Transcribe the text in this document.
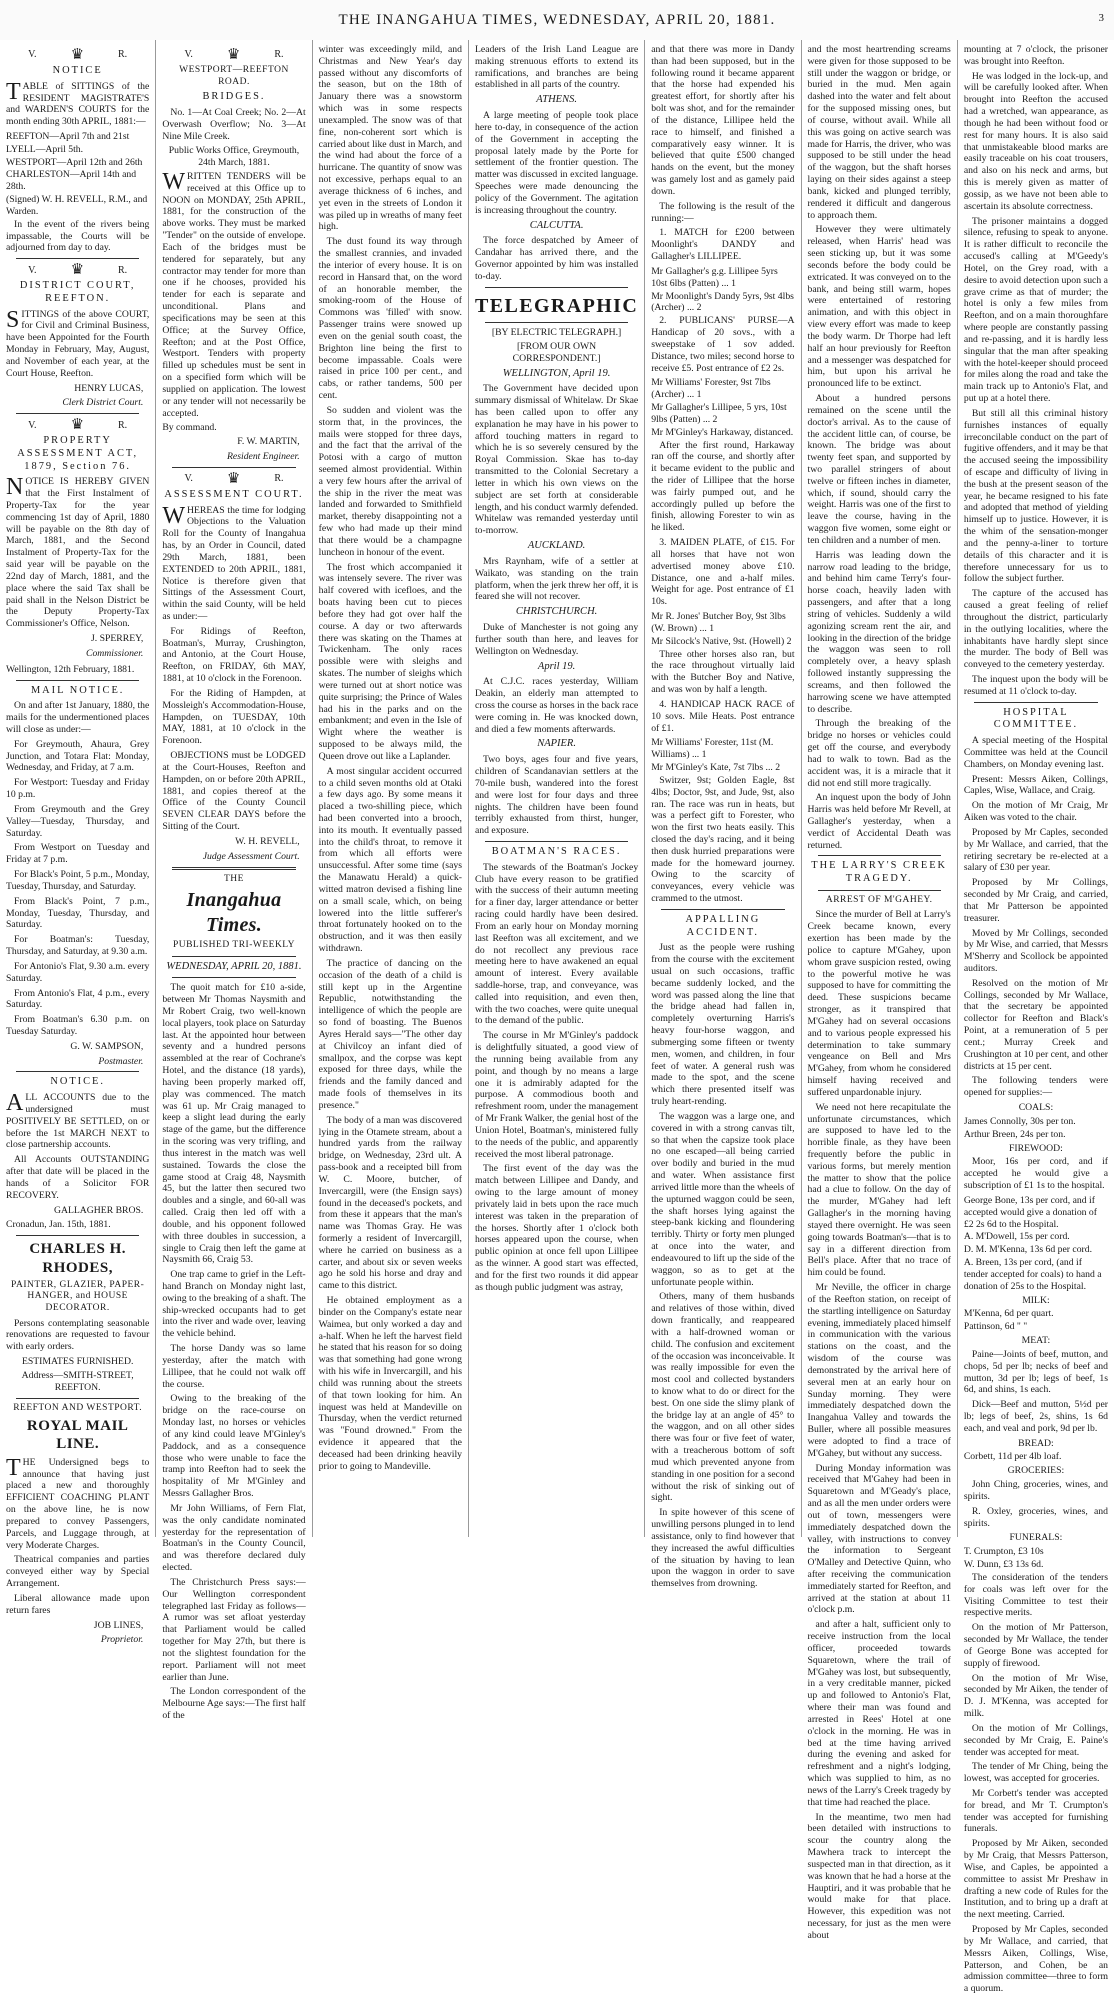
THE INANGAHUA TIMES, WEDNESDAY, APRIL 20, 1881.	3
V. ♛	R.
NOTICE

TABLE of SITTINGS of the RESIDENT MAGISTRATE'S and WARDEN'S COURTS for the month ending 30th APRIL, 1881:—

REEFTON—April 7th and 21st
LYELL—April 5th.
WESTPORT—April 12th and 26th
CHARLESTON—April 14th and 28th.
(Signed) W. H. REVELL, R.M., and Warden.

In the event of the rivers being impassable, the Courts will be adjourned from day to day.

V. ♛	R.
DISTRICT COURT, REEFTON.

SITTINGS of the above COURT, for Civil and Criminal Business, have been Appointed for the Fourth Monday in February, May, August, and November of each year, at the Court House, Reefton.

HENRY LUCAS,
Clerk District Court.
V. ♛	R.
PROPERTY ASSESSMENT ACT, 1879, Section 76.

NOTICE IS HEREBY GIVEN that the First Instalment of Property-Tax for the year commencing 1st day of April, 1880 will be payable on the 8th day of March, 1881, and the Second Instalment of Property-Tax for the said year will be payable on the 22nd day of March, 1881, and the place where the said Tax shall be paid shall in the Nelson District be the Deputy Property-Tax Commissioner's Office, Nelson.

J. SPERREY,
Commissioner.
Wellington, 12th February, 1881.
MAIL NOTICE.

On and after 1st January, 1880, the mails for the undermentioned places will close as under:—

For Greymouth, Ahaura, Grey Junction, and Totara Flat: Monday, Wednesday, and Friday, at 7 a.m.

For Westport: Tuesday and Friday 10 p.m.

From Greymouth and the Grey Valley—Tuesday, Thursday, and Saturday.

From Westport on Tuesday and Friday at 7 p.m.

For Black's Point, 5 p.m., Monday, Tuesday, Thursday, and Saturday.

From Black's Point, 7 p.m., Monday, Tuesday, Thursday, and Saturday.

For Boatman's: Tuesday, Thursday, and Saturday, at 9.30 a.m.

For Antonio's Flat, 9.30 a.m. every Saturday.

From Antonio's Flat, 4 p.m., every Saturday.

From Boatman's 6.30 p.m. on Tuesday Saturday.

G. W. SAMPSON,
Postmaster.
NOTICE.

ALL ACCOUNTS due to the undersigned must POSITIVELY BE SETTLED, on or before the 1st MARCH NEXT to close partnership accounts.

All Accounts OUTSTANDING after that date will be placed in the hands of a Solicitor FOR RECOVERY.

GALLAGHER BROS.
Cronadun, Jan. 15th, 1881.
CHARLES H. RHODES,
PAINTER, GLAZIER, PAPER-HANGER, and HOUSE DECORATOR.

Persons contemplating seasonable renovations are requested to favour with early orders.

ESTIMATES FURNISHED.
Address—SMITH-STREET, REEFTON.
REEFTON AND WESTPORT.
ROYAL MAIL LINE.

THE Undersigned begs to announce that having just placed a new and thoroughly EFFICIENT COACHING PLANT on the above line, he is now prepared to convey Passengers, Parcels, and Luggage through, at very Moderate Charges.

Theatrical companies and parties conveyed either way by Special Arrangement.

Liberal allowance made upon return fares

JOB LINES,
Proprietor.
V. ♛	R.
WESTPORT—REEFTON ROAD.
BRIDGES.

No. 1—At Coal Creek; No. 2—At Overwash Overflow; No. 3—At Nine Mile Creek.

Public Works Office, Greymouth, 24th March, 1881.

WRITTEN TENDERS will be received at this Office up to NOON on MONDAY, 25th APRIL, 1881, for the construction of the above works. They must be marked "Tender" on the outside of envelope. Each of the bridges must be tendered for separately, but any contractor may tender for more than one if he chooses, provided his tender for each is separate and unconditional. Plans and specifications may be seen at this Office; at the Survey Office, Reefton; and at the Post Office, Westport. Tenders with property filled up schedules must be sent in on a specified form which will be supplied on application. The lowest or any tender will not necessarily be accepted.

By command.
F. W. MARTIN,
Resident Engineer.
V. ♛	R.
ASSESSMENT COURT.

WHEREAS the time for lodging Objections to the Valuation Roll for the County of Inangahua has, by an Order in Council, dated 29th March, 1881, been EXTENDED to 20th APRIL, 1881, Notice is therefore given that Sittings of the Assessment Court, within the said County, will be held as under:—

For Ridings of Reefton, Boatman's, Murray, Crushington, and Antonio, at the Court House, Reefton, on FRIDAY, 6th MAY, 1881, at 10 o'clock in the Forenoon.

For the Riding of Hampden, at Mossleigh's Accommodation-House, Hampden, on TUESDAY, 10th MAY, 1881, at 10 o'clock in the Forenoon.

OBJECTIONS must be LODGED at the Court-Houses, Reefton and Hampden, on or before 20th APRIL, 1881, and copies thereof at the Office of the County Council SEVEN CLEAR DAYS before the Sitting of the Court.

W. H. REVELL,
Judge Assessment Court.
THE
Inangahua Times.
PUBLISHED TRI-WEEKLY
WEDNESDAY, APRIL 20, 1881.

The quoit match for £10 a-side, between Mr Thomas Naysmith and Mr Robert Craig, two well-known local players, took place on Saturday last. At the appointed hour between seventy and a hundred persons assembled at the rear of Cochrane's Hotel, and the distance (18 yards), having been properly marked off, play was commenced. The match was 61 up. Mr Craig managed to keep a slight lead during the early stage of the game, but the difference in the scoring was very trifling, and thus interest in the match was well sustained. Towards the close the game stood at Craig 48, Naysmith 45, but the latter then secured two doubles and a single, and 60-all was called. Craig then led off with a double, and his opponent followed with three doubles in succession, a single to Craig then left the game at Naysmith 66, Craig 53.

One trap came to grief in the Left-hand Branch on Monday night last, owing to the breaking of a shaft. The ship-wrecked occupants had to get into the river and wade over, leaving the vehicle behind.

The horse Dandy was so lame yesterday, after the match with Lillipee, that he could not walk off the course.

Owing to the breaking of the bridge on the race-course on Monday last, no horses or vehicles of any kind could leave M'Ginley's Paddock, and as a consequence those who were unable to face the tramp into Reefton had to seek the hospitality of Mr M'Ginley and Messrs Gallagher Bros.

Mr John Williams, of Fern Flat, was the only candidate nominated yesterday for the representation of Boatman's in the County Council, and was therefore declared duly elected.

The Christchurch Press says:—Our Wellington correspondent telegraphed last Friday as follows—A rumor was set afloat yesterday that Parliament would be called together for May 27th, but there is not the slightest foundation for the report. Parliament will not meet earlier than June.

The London correspondent of the Melbourne Age says:—The first half of the

winter was exceedingly mild, and Christmas and New Year's day passed without any discomforts of the season, but on the 18th of January there was a snowstorm which was in some respects unexampled. The snow was of that fine, non-coherent sort which is carried about like dust in March, and the wind had about the force of a hurricane. The quantity of snow was not excessive, perhaps equal to an average thickness of 6 inches, and yet even in the streets of London it was piled up in wreaths of many feet high.

The dust found its way through the smallest crannies, and invaded the interior of every house. It is on record in Hansard that, on the word of an honorable member, the smoking-room of the House of Commons was 'filled' with snow. Passenger trains were snowed up even on the genial south coast, the Brighton line being the first to become impassable. Coals were raised in price 100 per cent., and cabs, or rather tandems, 500 per cent.

So sudden and violent was the storm that, in the provinces, the mails were stopped for three days, and the fact that the arrival of the Potosi with a cargo of mutton seemed almost providential. Within a very few hours after the arrival of the ship in the river the meat was landed and forwarded to Smithfield market, thereby disappointing not a few who had made up their mind that there would be a champagne luncheon in honour of the event.

The frost which accompanied it was intensely severe. The river was half covered with icefloes, and the boats having been cut to pieces before they had got over half the course. A day or two afterwards there was skating on the Thames at Twickenham. The only races possible were with sleighs and skates. The number of sleighs which were turned out at short notice was quite surprising; the Prince of Wales had his in the parks and on the embankment; and even in the Isle of Wight where the weather is supposed to be always mild, the Queen drove out like a Laplander.

A most singular accident occurred to a child seven months old at Otaki a few days ago. By some means it placed a two-shilling piece, which had been converted into a brooch, into its mouth. It eventually passed into the child's throat, to remove it from which all efforts were unsuccessful. After some time (says the Manawatu Herald) a quick-witted matron devised a fishing line on a small scale, which, on being lowered into the little sufferer's throat fortunately hooked on to the obstruction, and it was then easily withdrawn.

The practice of dancing on the occasion of the death of a child is still kept up in the Argentine Republic, notwithstanding the intelligence of which the people are so fond of boasting. The Buenos Ayres Herald says—"The other day at Chivilcoy an infant died of smallpox, and the corpse was kept exposed for three days, while the friends and the family danced and made fools of themselves in its presence."

The body of a man was discovered lying in the Otamete stream, about a hundred yards from the railway bridge, on Wednesday, 23rd ult. A pass-book and a receipted bill from W. C. Moore, butcher, of Invercargill, were (the Ensign says) found in the deceased's pockets, and from these it appears that the man's name was Thomas Gray. He was formerly a resident of Invercargill, where he carried on business as a carter, and about six or seven weeks ago he sold his horse and dray and came to this district.

He obtained employment as a binder on the Company's estate near Waimea, but only worked a day and a-half. When he left the harvest field he stated that his reason for so doing was that something had gone wrong with his wife in Invercargill, and his child was running about the streets of that town looking for him. An inquest was held at Mandeville on Thursday, when the verdict returned was "Found drowned." From the evidence it appeared that the deceased had been drinking heavily prior to going to Mandeville.

Leaders of the Irish Land League are making strenuous efforts to extend its ramifications, and branches are being established in all parts of the country.

ATHENS.

A large meeting of people took place here to-day, in consequence of the action of the Government in accepting the proposal lately made by the Porte for settlement of the frontier question. The matter was discussed in excited language. Speeches were made denouncing the policy of the Government. The agitation is increasing throughout the country.

CALCUTTA.

The force despatched by Ameer of Candahar has arrived there, and the Governor appointed by him was installed to-day.

TELEGRAPHIC
[BY ELECTRIC TELEGRAPH.]
[FROM OUR OWN CORRESPONDENT.]
WELLINGTON, April 19.

The Government have decided upon summary dismissal of Whitelaw. Dr Skae has been called upon to offer any explanation he may have in his power to afford touching matters in regard to which he is so severely censured by the Royal Commission. Skae has to-day transmitted to the Colonial Secretary a letter in which his own views on the subject are set forth at considerable length, and his conduct warmly defended. Whitelaw was remanded yesterday until to-morrow.

AUCKLAND.

Mrs Raynham, wife of a settler at Waikato, was standing on the train platform, when the jerk threw her off, it is feared she will not recover.

CHRISTCHURCH.

Duke of Manchester is not going any further south than here, and leaves for Wellington on Wednesday.

April 19.

At C.J.C. races yesterday, William Deakin, an elderly man attempted to cross the course as horses in the back race were coming in. He was knocked down, and died a few moments afterwards.

NAPIER.

Two boys, ages four and five years, children of Scandanavian settlers at the 70-mile bush, wandered into the forest and were lost for four days and three nights. The children have been found terribly exhausted from thirst, hunger, and exposure.

BOATMAN'S RACES.

The stewards of the Boatman's Jockey Club have every reason to be gratified with the success of their autumn meeting for a finer day, larger attendance or better racing could hardly have been desired. From an early hour on Monday morning last Reefton was all excitement, and we do not recollect any previous race meeting here to have awakened an equal amount of interest. Every available saddle-horse, trap, and conveyance, was called into requisition, and even then, with the two coaches, were quite unequal to the demand of the public.

The course in Mr M'Ginley's paddock is delightfully situated, a good view of the running being available from any point, and though by no means a large one it is admirably adapted for the purpose. A commodious booth and refreshment room, under the management of Mr Frank Walker, the genial host of the Union Hotel, Boatman's, ministered fully to the needs of the public, and apparently received the most liberal patronage.

The first event of the day was the match between Lillipee and Dandy, and owing to the large amount of money privately laid in bets upon the race much interest was taken in the preparation of the horses. Shortly after 1 o'clock both horses appeared upon the course, when public opinion at once fell upon Lillipee as the winner. A good start was effected, and for the first two rounds it did appear as though public judgment was astray,

and that there was more in Dandy than had been supposed, but in the following round it became apparent that the horse had expended his greatest effort, for shortly after his bolt was shot, and for the remainder of the distance, Lillipee held the race to himself, and finished a comparatively easy winner. It is believed that quite £500 changed hands on the event, but the money was gamely lost and as gamely paid down.

The following is the result of the running:—

1. MATCH for £200 between Moonlight's DANDY and Gallagher's LILLIPEE.

Mr Gallagher's g.g. Lillipee 5yrs 10st 6lbs (Patten) ... 1
Mr Moonlight's Dandy 5yrs, 9st 4lbs (Archer) ... 2

2. PUBLICANS' PURSE—A Handicap of 20 sovs., with a sweepstake of 1 sov added. Distance, two miles; second horse to receive £5. Post entrance of £2 2s.

Mr Williams' Forester, 9st 7lbs (Archer) ... 1
Mr Gallagher's Lillipee, 5 yrs, 10st 9lbs (Patten) ... 2
Mr M'Ginley's Harkaway, distanced.

After the first round, Harkaway ran off the course, and shortly after it became evident to the public and the rider of Lillipee that the horse was fairly pumped out, and he accordingly pulled up before the finish, allowing Forester to win as he liked.

3. MAIDEN PLATE, of £15. For all horses that have not won advertised money above £10. Distance, one and a-half miles. Weight for age. Post entrance of £1 10s.

Mr R. Jones' Butcher Boy, 9st 3lbs (W. Brown) ... 1
Mr Silcock's Native, 9st. (Howell) 2

Three other horses also ran, but the race throughout virtually laid with the Butcher Boy and Native, and was won by half a length.

4. HANDICAP HACK RACE of 10 sovs. Mile Heats. Post entrance of £1.

Mr Williams' Forester, 11st (M. Williams) ... 1
Mr M'Ginley's Kate, 7st 7lbs ... 2

Switzer, 9st; Golden Eagle, 8st 4lbs; Doctor, 9st, and Jude, 9st, also ran. The race was run in heats, but was a perfect gift to Forester, who won the first two heats easily. This closed the day's racing, and it being then dusk hurried preparations were made for the homeward journey. Owing to the scarcity of conveyances, every vehicle was crammed to the utmost.

APPALLING ACCIDENT.

Just as the people were rushing from the course with the excitement usual on such occasions, traffic became suddenly locked, and the word was passed along the line that the bridge ahead had fallen in, completely overturning Harris's heavy four-horse waggon, and submerging some fifteen or twenty men, women, and children, in four feet of water. A general rush was made to the spot, and the scene which there presented itself was truly heart-rending.

The waggon was a large one, and covered in with a strong canvas tilt, so that when the capsize took place no one escaped—all being carried over bodily and buried in the mud and water. When assistance first arrived little more than the wheels of the upturned waggon could be seen, the shaft horses lying against the steep-bank kicking and floundering terribly. Thirty or forty men plunged at once into the water, and endeavoured to lift up the side of the waggon, so as to get at the unfortunate people within.

Others, many of them husbands and relatives of those within, dived down frantically, and reappeared with a half-drowned woman or child. The confusion and excitement of the occasion was inconceivable. It was really impossible for even the most cool and collected bystanders to know what to do or direct for the best. On one side the slimy plank of the bridge lay at an angle of 45° to the waggon, and on all other sides there was four or five feet of water, with a treacherous bottom of soft mud which prevented anyone from standing in one position for a second without the risk of sinking out of sight.

In spite however of this scene of unwilling persons plunged in to lend assistance, only to find however that they increased the awful difficulties of the situation by having to lean upon the waggon in order to save themselves from drowning.

and the most heartrending screams were given for those supposed to be still under the waggon or bridge, or buried in the mud. Men again dashed into the water and felt about for the supposed missing ones, but of course, without avail. While all this was going on active search was made for Harris, the driver, who was supposed to be still under the head of the waggon, but the shaft horses laying on their sides against a steep bank, kicked and plunged terribly, rendered it difficult and dangerous to approach them.

However they were ultimately released, when Harris' head was seen sticking up, but it was some seconds before the body could be extricated. It was conveyed on to the bank, and being still warm, hopes were entertained of restoring animation, and with this object in view every effort was made to keep the body warm. Dr Thorpe had left half an hour previously for Reefton and a messenger was despatched for him, but upon his arrival he pronounced life to be extinct.

About a hundred persons remained on the scene until the doctor's arrival. As to the cause of the accident little can, of course, be known. The bridge was about twenty feet span, and supported by two parallel stringers of about twelve or fifteen inches in diameter, which, if sound, should carry the weight. Harris was one of the first to leave the course, having in the waggon five women, some eight or ten children and a number of men.

Harris was leading down the narrow road leading to the bridge, and behind him came Terry's four-horse coach, heavily laden with passengers, and after that a long string of vehicles. Suddenly a wild agonizing scream rent the air, and looking in the direction of the bridge the waggon was seen to roll completely over, a heavy splash followed instantly suppressing the screams, and then followed the harrowing scene we have attempted to describe.

Through the breaking of the bridge no horses or vehicles could get off the course, and everybody had to walk to town. Bad as the accident was, it is a miracle that it did not end still more tragically.

An inquest upon the body of John Harris was held before Mr Revell, at Gallagher's yesterday, when a verdict of Accidental Death was returned.

THE LARRY'S CREEK TRAGEDY.
ARREST OF M'GAHEY.

Since the murder of Bell at Larry's Creek became known, every exertion has been made by the police to capture M'Gahey, upon whom grave suspicion rested, owing to the powerful motive he was supposed to have for committing the deed. These suspicions became stronger, as it transpired that M'Gahey had on several occasions and to various people expressed his determination to take summary vengeance on Bell and Mrs M'Gahey, from whom he considered himself having received and suffered unpardonable injury.

We need not here recapitulate the unfortunate circumstances, which are supposed to have led to the horrible finale, as they have been frequently before the public in various forms, but merely mention the matter to show that the police had a clue to follow. On the day of the murder, M'Gahey had left Gallagher's in the morning having stayed there overnight. He was seen going towards Boatman's—that is to say in a different direction from Bell's place. After that no trace of him could be found.

Mr Neville, the officer in charge of the Reefton station, on receipt of the startling intelligence on Saturday evening, immediately placed himself in communication with the various stations on the coast, and the wisdom of the course was demonstrated by the arrival here of several men at an early hour on Sunday morning. They were immediately despatched down the Inangahua Valley and towards the Buller, where all possible measures were adopted to find a trace of M'Gahey, but without any success.

During Monday information was received that M'Gahey had been in Squaretown and M'Geady's place, and as all the men under orders were out of town, messengers were immediately despatched down the valley, with instructions to convey the information to Sergeant O'Malley and Detective Quinn, who after receiving the communication immediately started for Reefton, and arrived at the station at about 11 o'clock p.m.

and after a halt, sufficient only to receive instruction from the local officer, proceeded towards Squaretown, where the trail of M'Gahey was lost, but subsequently, in a very creditable manner, picked up and followed to Antonio's Flat, where their man was found and arrested in Rees' Hotel at one o'clock in the morning. He was in bed at the time having arrived during the evening and asked for refreshment and a night's lodging, which was supplied to him, as no news of the Larry's Creek tragedy by that time had reached the place.

In the meantime, two men had been detailed with instructions to scour the country along the Mawhera track to intercept the suspected man in that direction, as it was known that he had a horse at the Hauptiri, and it was probable that he would make for that place. However, this expedition was not necessary, for just as the men were about

mounting at 7 o'clock, the prisoner was brought into Reefton.

He was lodged in the lock-up, and will be carefully looked after. When brought into Reefton the accused had a wretched, wan appearance, as though he had been without food or rest for many hours. It is also said that unmistakeable blood marks are easily traceable on his coat trousers, and also on his neck and arms, but this is merely given as matter of gossip, as we have not been able to ascertain its absolute correctness.

The prisoner maintains a dogged silence, refusing to speak to anyone. It is rather difficult to reconcile the accused's calling at M'Geedy's Hotel, on the Grey road, with a desire to avoid detection upon such a grave crime as that of murder; the hotel is only a few miles from Reefton, and on a main thoroughfare where people are constantly passing and re-passing, and it is hardly less singular that the man after speaking with the hotel-keeper should proceed for miles along the road and take the main track up to Antonio's Flat, and put up at a hotel there.

But still all this criminal history furnishes instances of equally irreconcilable conduct on the part of fugitive offenders, and it may be that the accused seeing the impossibility of escape and difficulty of living in the bush at the present season of the year, he became resigned to his fate and adopted that method of yielding himself up to justice. However, it is the whim of the sensation-monger and the penny-a-liner to torture details of this character and it is therefore unnecessary for us to follow the subject further.

The capture of the accused has caused a great feeling of relief throughout the district, particularly in the outlying localities, where the inhabitants have hardly slept since the murder. The body of Bell was conveyed to the cemetery yesterday.

The inquest upon the body will be resumed at 11 o'clock to-day.

HOSPITAL COMMITTEE.

A special meeting of the Hospital Committee was held at the Council Chambers, on Monday evening last.

Present: Messrs Aiken, Collings, Caples, Wise, Wallace, and Craig.

On the motion of Mr Craig, Mr Aiken was voted to the chair.

Proposed by Mr Caples, seconded by Mr Wallace, and carried, that the retiring secretary be re-elected at a salary of £30 per year.

Proposed by Mr Collings, seconded by Mr Craig, and carried, that Mr Patterson be appointed treasurer.

Moved by Mr Collings, seconded by Mr Wise, and carried, that Messrs M'Sherry and Scollock be appointed auditors.

Resolved on the motion of Mr Collings, seconded by Mr Wallace, that the secretary be appointed collector for Reefton and Black's Point, at a remuneration of 5 per cent.; Murray Creek and Crushington at 10 per cent, and other districts at 15 per cent.

The following tenders were opened for supplies:—

COALS:
James Connolly, 30s per ton.
Arthur Breen, 24s per ton.
FIREWOOD:

Moor, 16s per cord, and if accepted he would give a subscription of £1 1s to the hospital.

George Bone, 13s per cord, and if accepted would give a donation of £2 2s 6d to the Hospital.
A. M'Dowell, 15s per cord.
D. M. M'Kenna, 13s 6d per cord.
A. Breen, 13s per cord, (and if tender accepted for coals) to hand a donation of 25s to the Hospital.
MILK:
M'Kenna, 6d per quart.
Pattinson, 6d " "
MEAT:

Paine—Joints of beef, mutton, and chops, 5d per lb; necks of beef and mutton, 3d per lb; legs of beef, 1s 6d, and shins, 1s each.

Dick—Beef and mutton, 5½d per lb; legs of beef, 2s, shins, 1s 6d each, and veal and pork, 9d per lb.

BREAD:
Corbett, 11d per 4lb loaf.
GROCERIES:

John Ching, groceries, wines, and spirits.

R. Oxley, groceries, wines, and spirits.

FUNERALS:
T. Crumpton, £3 10s
W. Dunn, £3 13s 6d.

The consideration of the tenders for coals was left over for the Visiting Committee to test their respective merits.

On the motion of Mr Patterson, seconded by Mr Wallace, the tender of George Bone was accepted for supply of firewood.

On the motion of Mr Wise, seconded by Mr Aiken, the tender of D. J. M'Kenna, was accepted for milk.

On the motion of Mr Collings, seconded by Mr Craig, E. Paine's tender was accepted for meat.

The tender of Mr Ching, being the lowest, was accepted for groceries.

Mr Corbett's tender was accepted for bread, and Mr T. Crumpton's tender was accepted for furnishing funerals.

Proposed by Mr Aiken, seconded by Mr Craig, that Messrs Patterson, Wise, and Caples, be appointed a committee to assist Mr Preshaw in drafting a new code of Rules for the Institution, and to bring up a draft at the next meeting. Carried.

Proposed by Mr Caples, seconded by Mr Wallace, and carried, that Messrs Aiken, Collings, Wise, Patterson, and Cohen, be an admission committee—three to form a quorum.
